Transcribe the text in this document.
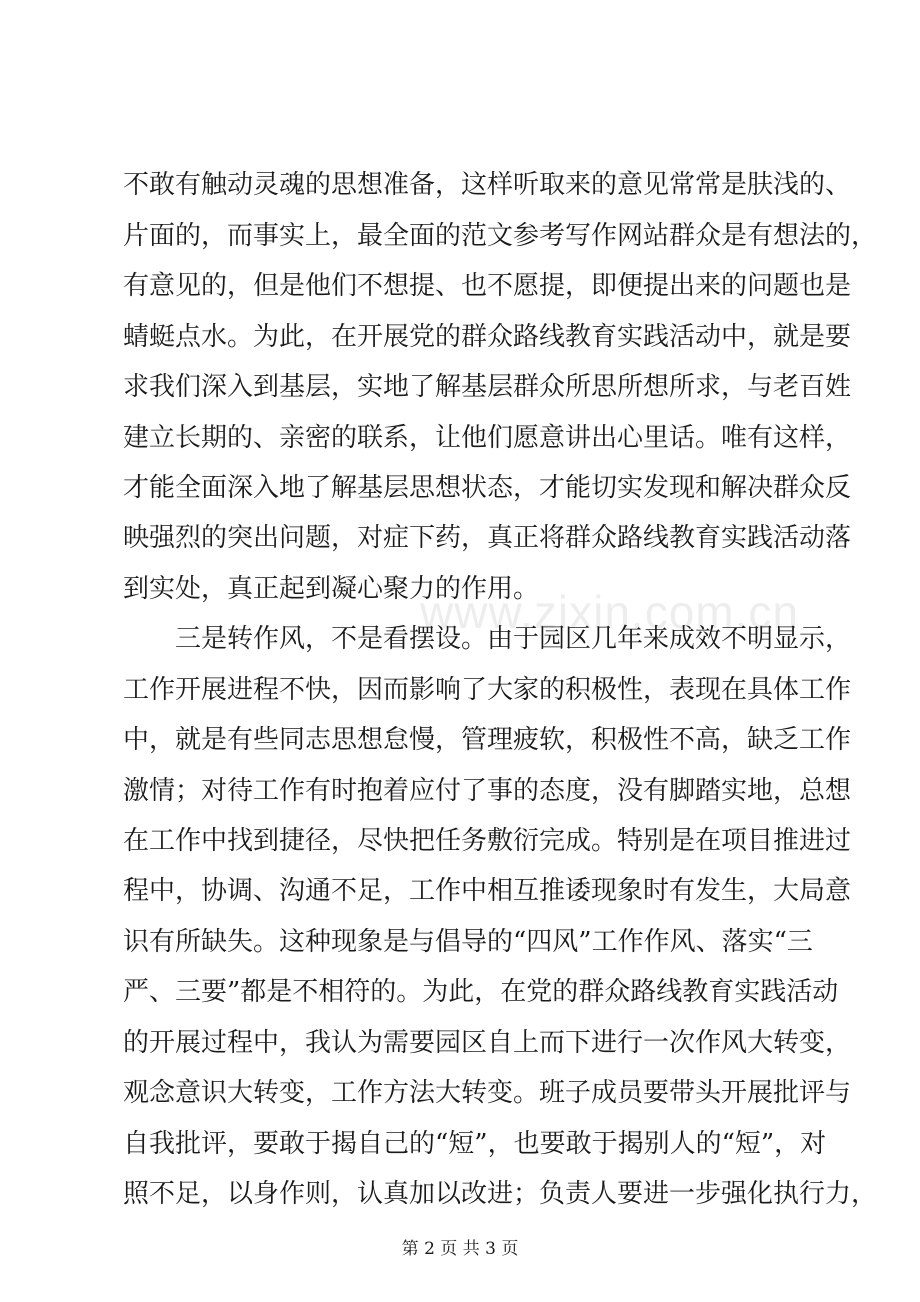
www.zixin.com.cn
不敢有触动灵魂的思想准备，这样听取来的意见常常是肤浅的、
片面的，而事实上，最全面的范文参考写作网站群众是有想法的，
有意见的，但是他们不想提、也不愿提，即便提出来的问题也是
蜻蜓点水。为此，在开展党的群众路线教育实践活动中，就是要
求我们深入到基层，实地了解基层群众所思所想所求，与老百姓
建立长期的、亲密的联系，让他们愿意讲出心里话。唯有这样，
才能全面深入地了解基层思想状态，才能切实发现和解决群众反
映强烈的突出问题，对症下药，真正将群众路线教育实践活动落
到实处，真正起到凝心聚力的作用。
　　三是转作风，不是看摆设。由于园区几年来成效不明显示，
工作开展进程不快，因而影响了大家的积极性，表现在具体工作
中，就是有些同志思想怠慢，管理疲软，积极性不高，缺乏工作
激情；对待工作有时抱着应付了事的态度，没有脚踏实地，总想
在工作中找到捷径，尽快把任务敷衍完成。特别是在项目推进过
程中，协调、沟通不足，工作中相互推诿现象时有发生，大局意
识有所缺失。这种现象是与倡导的“四风”工作作风、落实“三
严、三要”都是不相符的。为此，在党的群众路线教育实践活动
的开展过程中，我认为需要园区自上而下进行一次作风大转变，
观念意识大转变，工作方法大转变。班子成员要带头开展批评与
自我批评，要敢于揭自己的“短”，也要敢于揭别人的“短”，对
照不足，以身作则，认真加以改进；负责人要进一步强化执行力，
第 2 页 共 3 页
